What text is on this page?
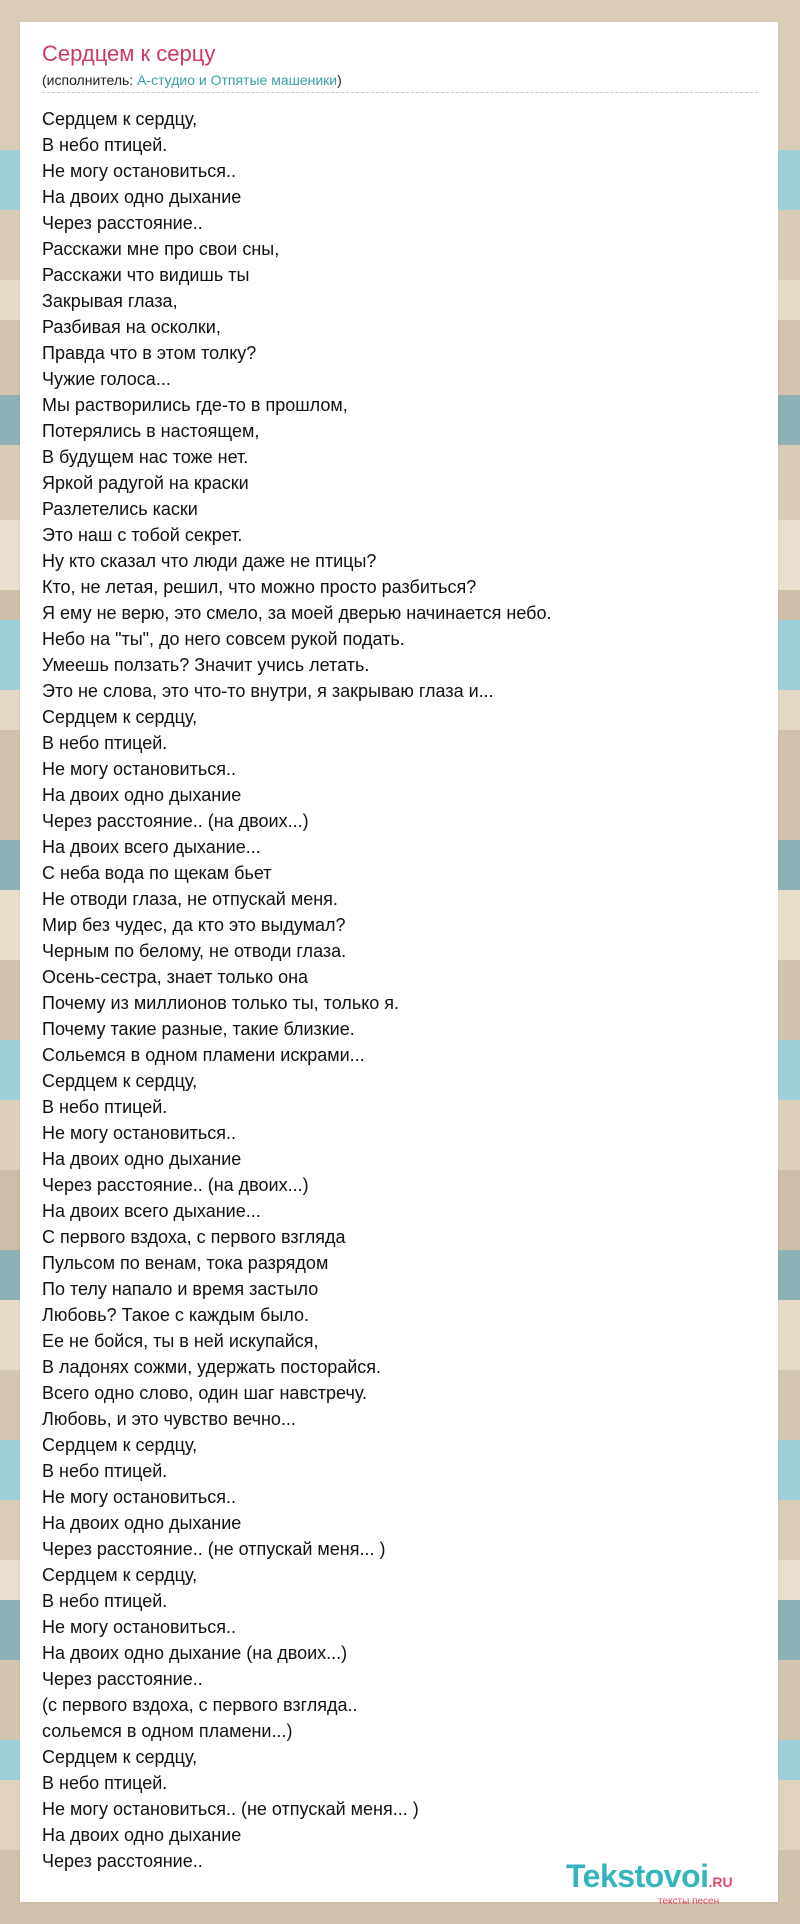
Сердцем к серцу
(исполнитель: А-студио и Отпятые машеники)
Сердцем к сердцу,
В небо птицей.
Не могу остановиться..
На двоих одно дыхание
Через расстояние..
Расскажи мне про свои сны,
Расскажи что видишь ты
Закрывая глаза,
Разбивая на осколки,
Правда что в этом толку?
Чужие голоса...
Мы растворились где-то в прошлом,
Потерялись в настоящем,
В будущем нас тоже нет.
Яркой радугой на краски
Разлетелись каски
Это наш с тобой секрет.
Ну кто сказал что люди даже не птицы?
Кто, не летая, решил, что можно просто разбиться?
Я ему не верю, это смело, за моей дверью начинается небо.
Небо на "ты", до него совсем рукой подать.
Умеешь ползать? Значит учись летать.
Это не слова, это что-то внутри, я закрываю глаза и...
Сердцем к сердцу,
В небо птицей.
Не могу остановиться..
На двоих одно дыхание
Через расстояние.. (на двоих...)
На двоих всего дыхание...
С неба вода по щекам бьет
Не отводи глаза, не отпускай меня.
Мир без чудес, да кто это выдумал?
Черным по белому, не отводи глаза.
Осень-сестра, знает только она
Почему из миллионов только ты, только я.
Почему такие разные, такие близкие.
Сольемся в одном пламени искрами...
Сердцем к сердцу,
В небо птицей.
Не могу остановиться..
На двоих одно дыхание
Через расстояние.. (на двоих...)
На двоих всего дыхание...
С первого вздоха, с первого взгляда
Пульсом по венам, тока разрядом
По телу напало и время застыло
Любовь? Такое с каждым было.
Ее не бойся, ты в ней искупайся,
В ладонях сожми, удержать посторайся.
Всего одно слово, один шаг навстречу.
Любовь, и это чувство вечно...
Сердцем к сердцу,
В небо птицей.
Не могу остановиться..
На двоих одно дыхание
Через расстояние.. (не отпускай меня... )
Сердцем к сердцу,
В небо птицей.
Не могу остановиться..
На двоих одно дыхание (на двоих...)
Через расстояние..
(с первого вздоха, с первого взгляда..
сольемся в одном пламени...)
Сердцем к сердцу,
В небо птицей.
Не могу остановиться.. (не отпускай меня... )
На двоих одно дыхание
Через расстояние..	Tekstovoi.RU
тексты песен
